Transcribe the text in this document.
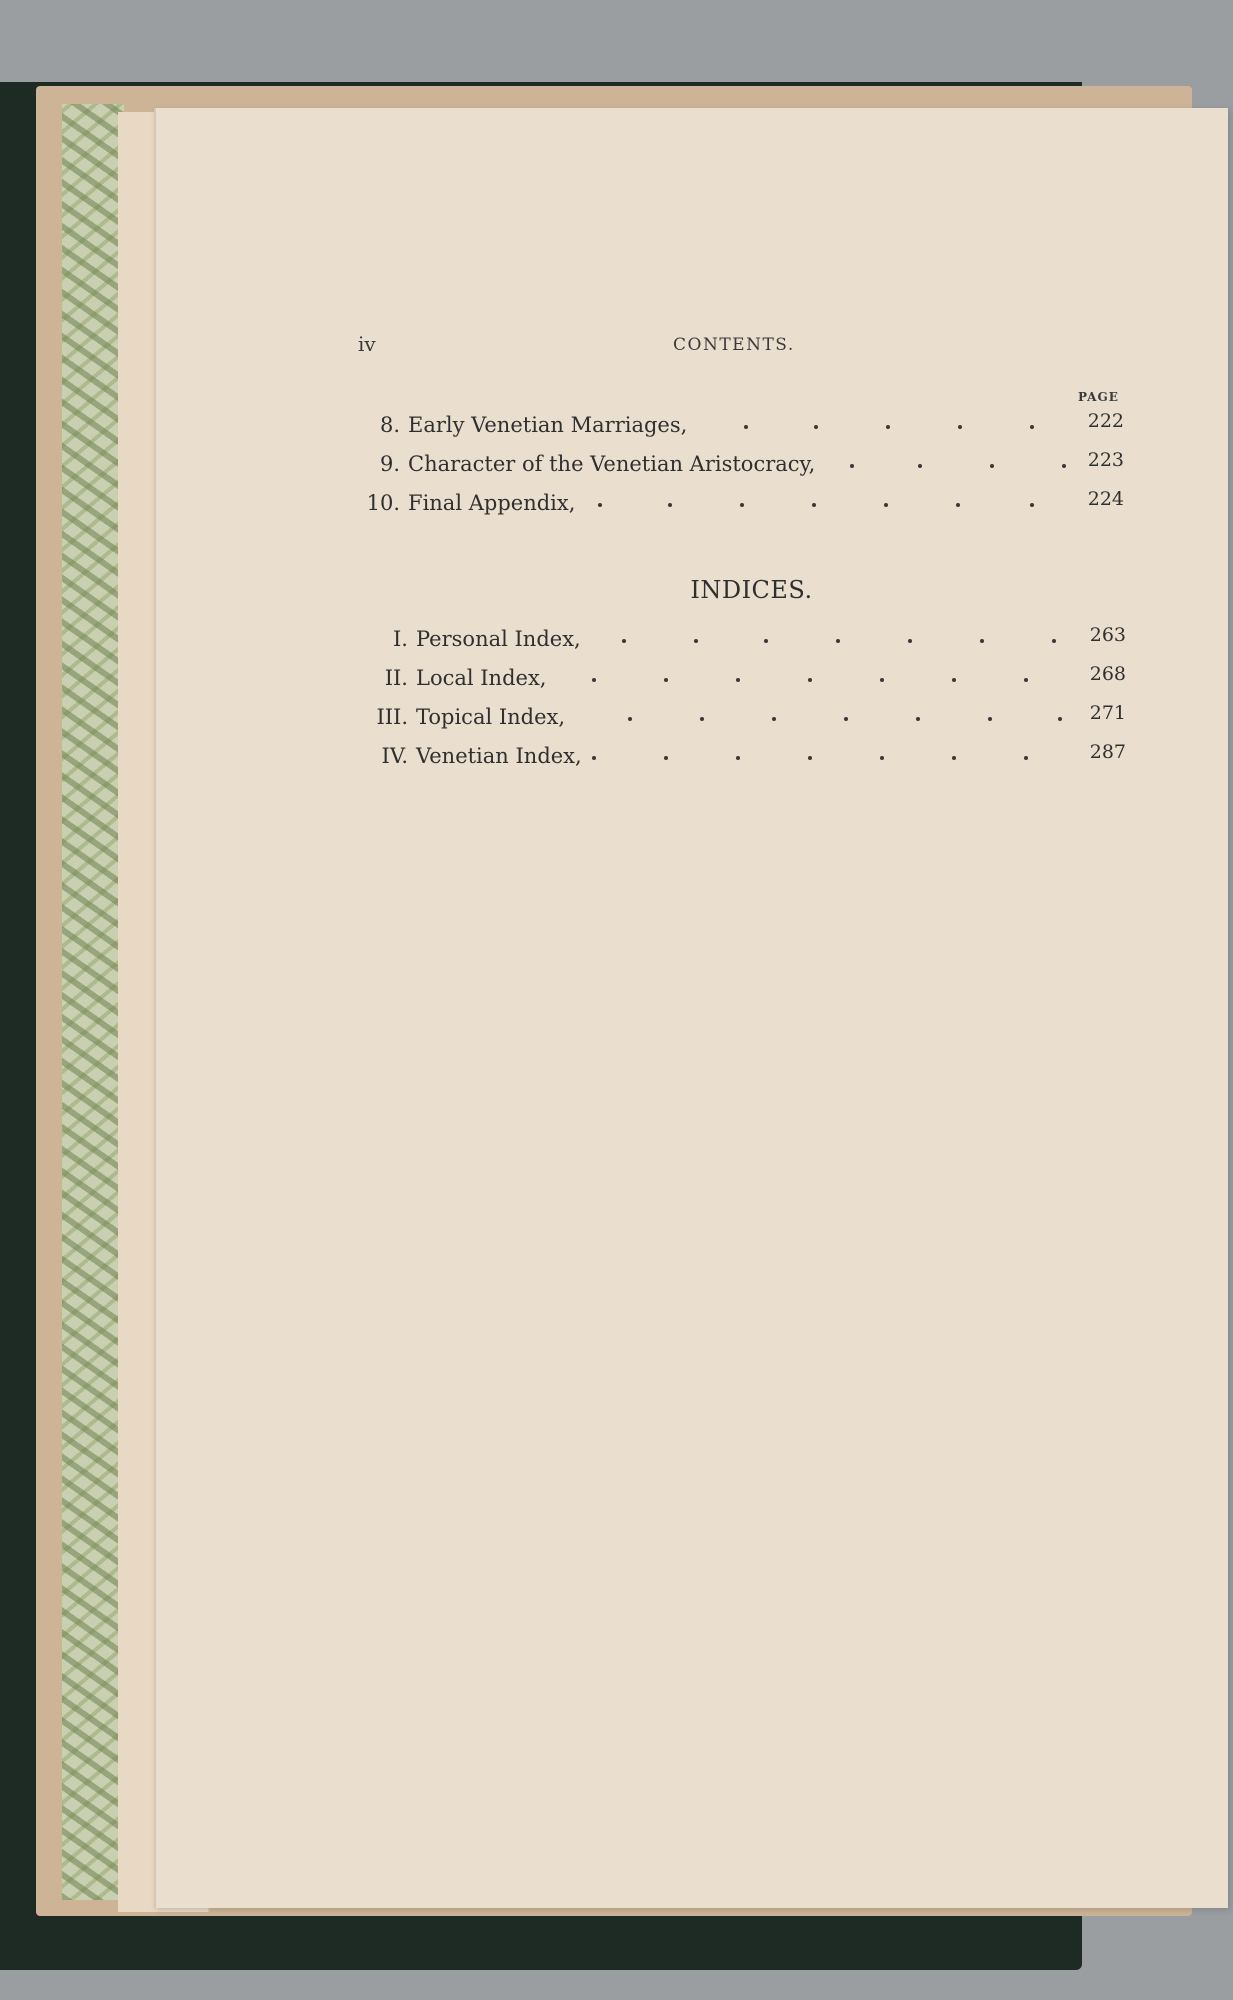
iv	CONTENTS.
PAGE
8. Early Venetian Marriages,	222
9. Character of the Venetian Aristocracy,	223
10. Final Appendix,	224
INDICES.
I. Personal Index,	263
II. Local Index,	268
III. Topical Index,	271
IV. Venetian Index,	287
